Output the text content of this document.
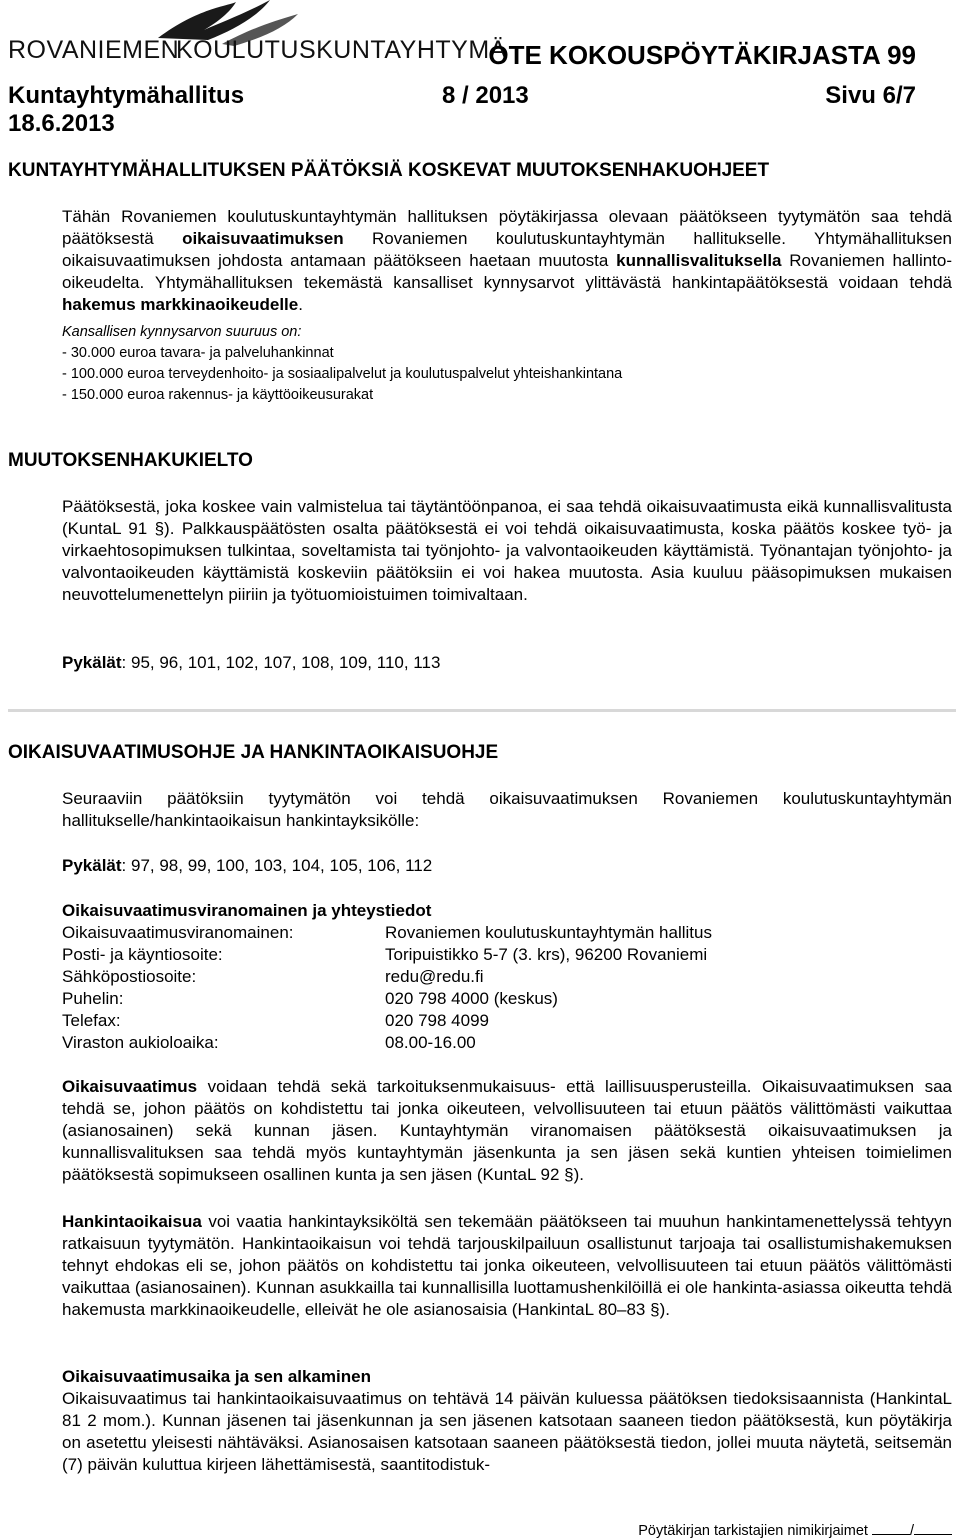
ROVANIEMEN
KOULUTUSKUNTAYHTYMÄ
OTE KOKOUSPÖYTÄKIRJASTA 99
Kuntayhtymähallitus 18.6.2013
8 / 2013	Sivu 6/7
KUNTAYHTYMÄHALLITUKSEN PÄÄTÖKSIÄ KOSKEVAT MUUTOKSENHAKUOHJEET
Tähän Rovaniemen koulutuskuntayhtymän hallituksen pöytäkirjassa olevaan päätökseen tyytymätön saa tehdä päätöksestä oikaisuvaatimuksen Rovaniemen koulutuskuntayhtymän hallitukselle. Yhtymähallituksen oikaisuvaatimuksen johdosta antamaan päätökseen haetaan muutosta kunnallisvalituksella Rovaniemen hallinto-oikeudelta. Yhtymähallituksen tekemästä kansalliset kynnysarvot ylittävästä hankintapäätöksestä voidaan tehdä hakemus markkinaoikeudelle.
Kansallisen kynnysarvon suuruus on:
- 30.000 euroa tavara- ja palveluhankinnat
- 100.000 euroa terveydenhoito- ja sosiaalipalvelut ja koulutuspalvelut yhteishankintana
- 150.000 euroa rakennus- ja käyttöoikeusurakat
MUUTOKSENHAKUKIELTO
Päätöksestä, joka koskee vain valmistelua tai täytäntöönpanoa, ei saa tehdä oikaisuvaatimusta eikä kunnallisvalitusta (KuntaL 91 §). Palkkauspäätösten osalta päätöksestä ei voi tehdä oikaisuvaatimusta, koska päätös koskee työ- ja virkaehtosopimuksen tulkintaa, soveltamista tai työnjohto- ja valvontaoikeuden käyttämistä. Työnantajan työnjohto- ja valvontaoikeuden käyttämistä koskeviin päätöksiin ei voi hakea muutosta. Asia kuuluu pääsopimuksen mukaisen neuvottelumenettelyn piiriin ja työtuomioistuimen toimivaltaan.
Pykälät: 95, 96, 101, 102, 107, 108, 109, 110, 113
OIKAISUVAATIMUSOHJE JA HANKINTAOIKAISUOHJE
Seuraaviin päätöksiin tyytymätön voi tehdä oikaisuvaatimuksen Rovaniemen koulutuskuntayhtymän hallitukselle/hankintaoikaisun hankintayksikölle:
Pykälät: 97, 98, 99, 100, 103, 104, 105, 106, 112
Oikaisuvaatimusviranomainen ja yhteystiedot
Oikaisuvaatimusviranomainen:	Rovaniemen koulutuskuntayhtymän hallitus
Posti- ja käyntiosoite:	Toripuistikko 5-7 (3. krs), 96200 Rovaniemi
Sähköpostiosoite:	redu@redu.fi
Puhelin:	020 798 4000 (keskus)
Telefax:	020 798 4099
Viraston aukioloaika:	08.00-16.00
Oikaisuvaatimus voidaan tehdä sekä tarkoituksenmukaisuus- että laillisuusperusteilla. Oikaisuvaatimuksen saa tehdä se, johon päätös on kohdistettu tai jonka oikeuteen, velvollisuuteen tai etuun päätös välittömästi vaikuttaa (asianosainen) sekä kunnan jäsen. Kuntayhtymän viranomaisen päätöksestä oikaisuvaatimuksen ja kunnallisvalituksen saa tehdä myös kuntayhtymän jäsenkunta ja sen jäsen sekä kuntien yhteisen toimielimen päätöksestä sopimukseen osallinen kunta ja sen jäsen (KuntaL 92 §).
Hankintaoikaisua voi vaatia hankintayksiköltä sen tekemään päätökseen tai muuhun hankintamenettelyssä tehtyyn ratkaisuun tyytymätön. Hankintaoikaisun voi tehdä tarjouskilpailuun osallistunut tarjoaja tai osallistumishakemuksen tehnyt ehdokas eli se, johon päätös on kohdistettu tai jonka oikeuteen, velvollisuuteen tai etuun päätös välittömästi vaikuttaa (asianosainen). Kunnan asukkailla tai kunnallisilla luottamushenkilöillä ei ole hankinta-asiassa oikeutta tehdä hakemusta markkinaoikeudelle, elleivät he ole asianosaisia (HankintaL 80–83 §).
Oikaisuvaatimusaika ja sen alkaminen
Oikaisuvaatimus tai hankintaoikaisuvaatimus on tehtävä 14 päivän kuluessa päätöksen tiedoksisaannista (HankintaL 81 2 mom.). Kunnan jäsenen tai jäsenkunnan ja sen jäsenen katsotaan saaneen tiedon päätöksestä, kun pöytäkirja on asetettu yleisesti nähtäväksi. Asianosaisen katsotaan saaneen päätöksestä tiedon, jollei muuta näytetä, seitsemän (7) päivän kuluttua kirjeen lähettämisestä, saantitodistuk-
Pöytäkirjan tarkistajien nimikirjaimet	/
